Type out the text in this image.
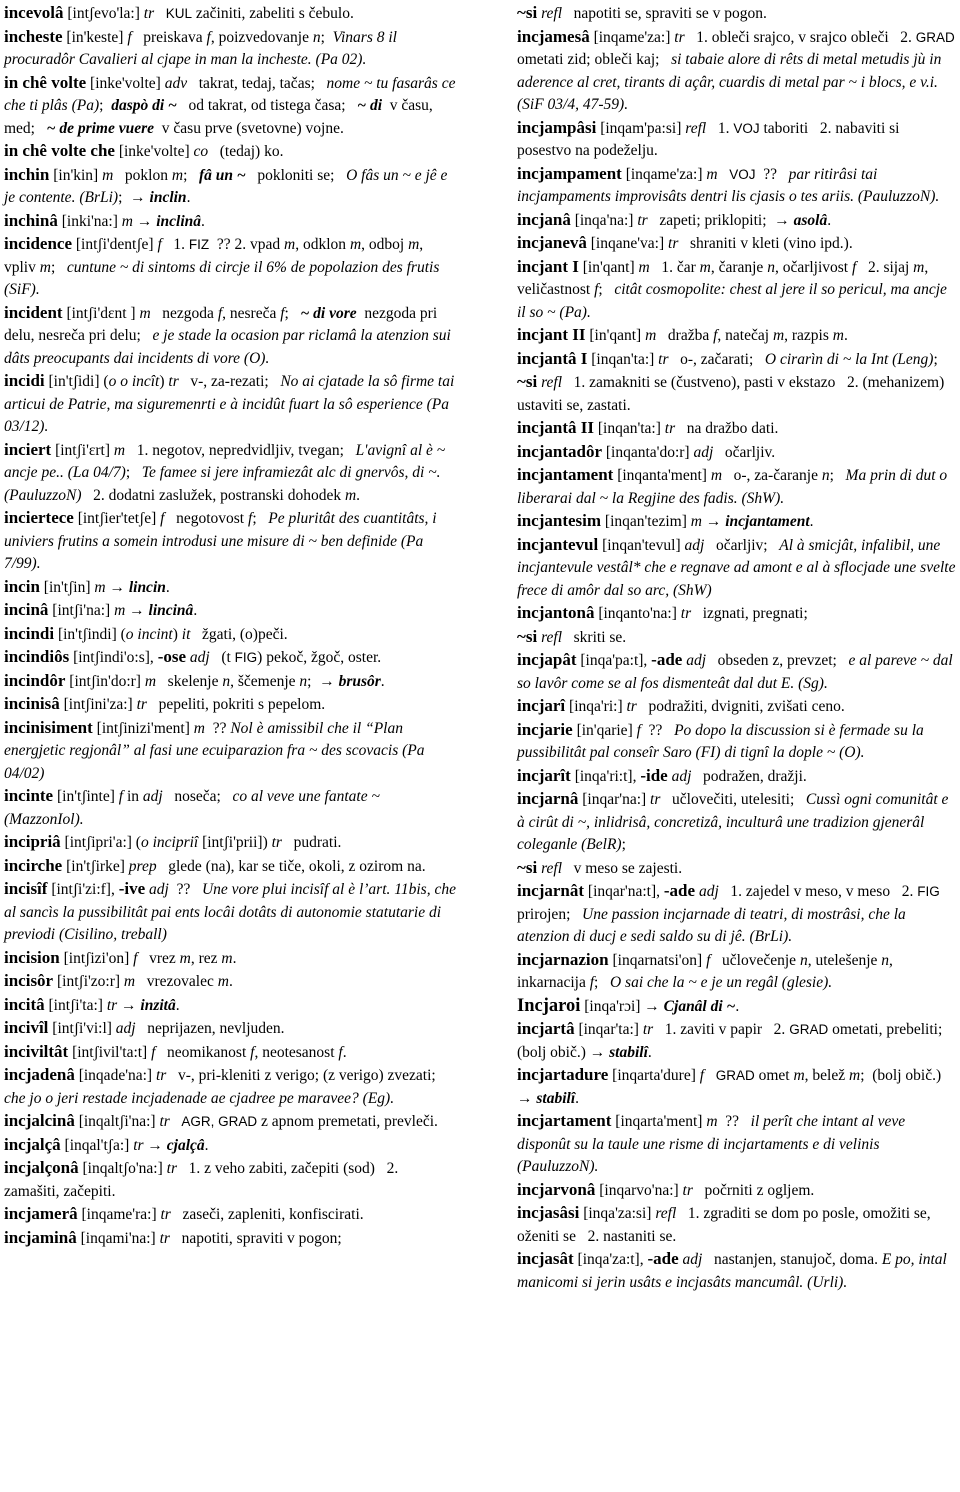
incevolâ [intʃevo'la:] tr KUL začiniti, zabeliti s čebulo.

incheste [in'keste] f   preiskava f, poizvedovanje n;  Vinars 8 il procuradôr Cavalieri al cjape in man la incheste. (Pa 02).

in chê volte [inke'volte] adv   takrat, tedaj, tačas;   nome ~ tu fasarâs ce che ti plâs (Pa);  daspò di ~   od takrat, od tistega časa;   ~ di  v času, med;   ~ de prime vuere  v času prve (svetovne) vojne.

in chê volte che [inke'volte] co   (tedaj) ko.

inchin [in'kin] m   poklon m;   fâ un ~   pokloniti se;   O fâs un ~ e jê e je contente. (BrLi);  → inclin.

inchinâ [inki'na:] m → inclinâ.

incidence [intʃi'dentʃe] f   1. FIZ  ?? 2. vpad m, odklon m, odboj m, vpliv m;   cuntune ~ di sintoms di circje il 6% de popolazion des frutis (SiF).

incident [intʃi'dɛnt ] m   nezgoda f, nesreča f;   ~ di vore  nezgoda pri delu, nesreča pri delu;   e je stade la ocasion par riclamâ la atenzion sui dâts preocupants dai incidents di vore (O).

incidi [in'tʃidi] (o o incît) tr   v-, za-rezati;   No ai cjatade la sô firme tai articui de Patrie, ma siguremenrti e à incidût fuart la sô esperience (Pa 03/12).

inciert [intʃi'ɛrt] m   1. negotov, nepredvidljiv, tvegan;   L'avignî al è ~ ancje pe.. (La 04/7);   Te famee si jere inframiezât alc di gnervôs, di ~. (PauluzzoN)   2. dodatni zaslužek, postranski dohodek m.

inciertece [intʃier'tetʃe] f   negotovost f;   Pe pluritât des cuantitâts, i univiers frutins a somein introdusi une misure di ~ ben definide (Pa 7/99).

incin [in'tʃin] m → lincin.

incinâ [intʃi'na:] m → lincinâ.

incindi [in'tʃindi] (o incint) it   žgati, (o)peči.

incindiôs [intʃindi'o:s], -ose adj   (t FIG) pekoč, žgoč, oster.

incindôr [intʃin'do:r] m   skelenje n, ščemenje n;  → brusôr.

incinisâ [intʃini'za:] tr   pepeliti, pokriti s pepelom.

incinisiment [intʃinizi'ment] m  ?? Nol è amissibil che il “Plan energjetic regjonâl” al fasi une ecuiparazion fra ~ des scovacis (Pa 04/02)

incinte [in'tʃinte] f in adj   noseča;   co al veve une fantate ~ (MazzonIol).

incipriâ [intʃipri'a:] (o incipriî [intʃi'prii]) tr   pudrati.

incirche [in'tʃirke] prep   glede (na), kar se tiče, okoli, z ozirom na.

incisîf [intʃi'zi:f], -ive adj  ??   Une vore plui incisîf al è l’art. 11bis, che al sancìs la pussibilitât pai ents locâi dotâts di autonomie statutarie di previodi (Cisilino, treball)

incision [intʃizi'on] f   vrez m, rez m.

incisôr [intʃi'zo:r] m   vrezovalec m.

incitâ [intʃi'ta:] tr → inzitâ.

incivîl [intʃi'vi:l] adj   neprijazen, nevljuden.

inciviltât [intʃivil'ta:t] f   neomikanost f, neotesanost f.

incjadenâ [inqade'na:] tr   v-, pri-kleniti z verigo; (z verigo) zvezati;   che jo o jeri restade incjadenade ae cjadree pe maravee? (Eg).

incjalcinâ [inqaltʃi'na:] tr AGR, GRAD z apnom premetati, prevleči.

incjalçâ [inqal'tʃa:] tr → cjalçâ.

incjalçonâ [inqaltʃo'na:] tr   1. z veho zabiti, začepiti (sod)   2. zamašiti, začepiti.

incjamerâ [inqame'ra:] tr   zaseči, zapleniti, konfiscirati.

incjaminâ [inqami'na:] tr   napotiti, spraviti v pogon;

~si refl   napotiti se, spraviti se v pogon.

incjamesâ [inqame'za:] tr   1. obleči srajco, v srajco obleči   2. GRAD ometati zid; obleči kaj;   si tabaie alore di rêts di metal metudis jù in aderence al cret, tirants di açâr, cuardis di metal par ~ i blocs, e v.i. (SiF 03/4, 47-59).

incjampâsi [inqam'pa:si] refl   1. VOJ taboriti   2. nabaviti si posestvo na podeželju.

incjampament [inqame'za:] m VOJ  ??   par ritirâsi tai incjampaments improvisâts dentri lis cjasis o tes ariis. (PauluzzoN).

incjanâ [inqa'na:] tr   zapeti; priklopiti;  → asolâ.

incjanevâ [inqane'va:] tr   shraniti v kleti (vino ipd.).

incjant I [in'qant] m   1. čar m, čaranje n, očarljivost f   2. sijaj m, veličastnost f;   citât cosmopolite: chest al jere il so pericul, ma ancje il so ~ (Pa).

incjant II [in'qant] m   dražba f, natečaj m, razpis m.

incjantâ I [inqan'ta:] tr   o-, začarati;   O cirarìn di ~ la Int (Leng);

~si refl   1. zamakniti se (čustveno), pasti v ekstazo   2. (mehanizem) ustaviti se, zastati.

incjantâ II [inqan'ta:] tr   na dražbo dati.

incjantadôr [inqanta'do:r] adj   očarljiv.

incjantament [inqanta'ment] m   o-, za-čaranje n;   Ma prin di dut o liberarai dal ~ la Regjine des fadis. (ShW).

incjantesim [inqan'tezim] m → incjantament.

incjantevul [inqan'tevul] adj   očarljiv;   Al à smicjât, infalibil, une incjantevule vestâl* che e regnave ad amont e al à sflocjade une svelte frece di amôr dal so arc, (ShW)

incjantonâ [inqanto'na:] tr   izgnati, pregnati;

~si refl   skriti se.

incjapât [inqa'pa:t], -ade adj   obseden z, prevzet;   e al pareve ~ dal so lavôr come se al fos dismenteât dal dut E. (Sg).

incjarî [inqa'ri:] tr   podražiti, dvigniti, zvišati ceno.

incjarie [in'qarie] f  ??   Po dopo la discussion si è fermade su la pussibilitât pal conseîr Saro (FI) di tignî la dople ~ (O).

incjarît [inqa'ri:t], -ide adj   podražen, dražji.

incjarnâ [inqar'na:] tr   učlovečiti, utelesiti;   Cussì ogni comunitât e à cirût di ~, inlidrisâ, concretizâ, inculturâ une tradizion gjenerâl coleganle (BelR);

~si refl   v meso se zajesti.

incjarnât [inqar'na:t], -ade adj   1. zajedel v meso, v meso   2. FIG prirojen;   Une passion incjarnade di teatri, di mostrâsi, che la atenzion di ducj e sedi saldo su di jê. (BrLi).

incjarnazion [inqarnatsi'on] f   učlovečenje n, utelešenje n, inkarnacija f;   O sai che la ~ e je un regâl (glesie).

Incjaroi [inqa'rɔi] → Cjanâl di ~.

incjartâ [inqar'ta:] tr   1. zaviti v papir   2. GRAD ometati, prebeliti; (bolj obič.) → stabilî.

incjartadure [inqarta'dure] f GRAD omet m, belež m;  (bolj obič.) → stabilî.

incjartament [inqarta'ment] m  ??   il perît che intant al veve disponût su la taule une risme di incjartaments e di velinis (PauluzzoN).

incjarvonâ [inqarvo'na:] tr   počrniti z ogljem.

incjasâsi [inqa'za:si] refl   1. zgraditi se dom po posle, omožiti se, oženiti se   2. nastaniti se.

incjasât [inqa'za:t], -ade adj   nastanjen, stanujoč, doma. E po, intal manicomi si jerin usâts e incjasâts mancumâl. (Urli).
